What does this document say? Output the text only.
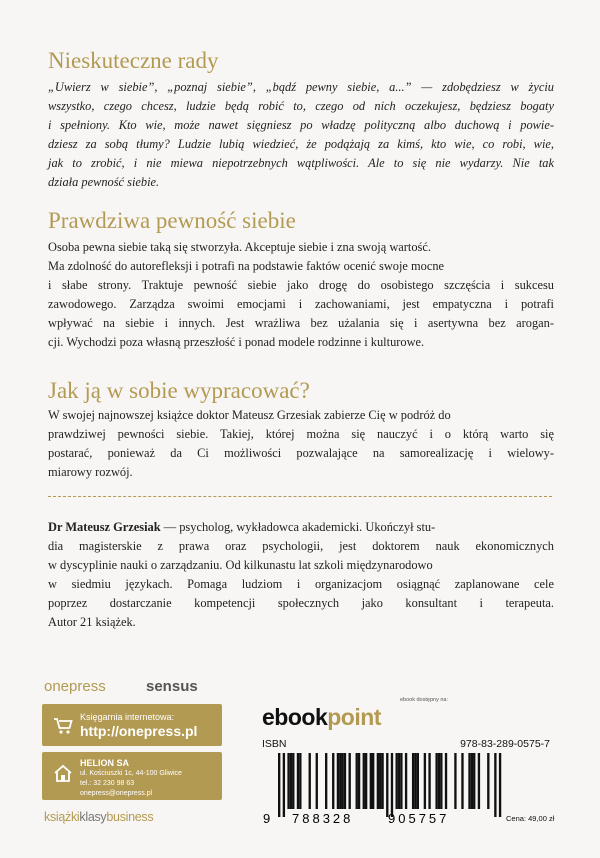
Nieskuteczne rady

„Uwierz w siebie”, „poznaj siebie”, „bądź pewny siebie, a...” — zdobędziesz w życiu
wszystko, czego chcesz, ludzie będą robić to, czego od nich oczekujesz, będziesz bogaty
i spełniony. Kto wie, może nawet sięgniesz po władzę polityczną albo duchową i powie-
dziesz za sobą tłumy? Ludzie lubią wiedzieć, że podążają za kimś, kto wie, co robi, wie,
jak to zrobić, i nie miewa niepotrzebnych wątpliwości. Ale to się nie wydarzy. Nie tak
działa pewność siebie.

Prawdziwa pewność siebie

Osoba pewna siebie taką się stworzyła. Akceptuje siebie i zna swoją wartość.
Ma zdolność do autorefleksji i potrafi na podstawie faktów ocenić swoje mocne
i słabe strony. Traktuje pewność siebie jako drogę do osobistego szczęścia i sukcesu
zawodowego. Zarządza swoimi emocjami i zachowaniami, jest empatyczna i potrafi
wpływać na siebie i innych. Jest wrażliwa bez użalania się i asertywna bez arogan-
cji. Wychodzi poza własną przeszłość i ponad modele rodzinne i kulturowe.

Jak ją w sobie wypracować?

W swojej najnowszej książce doktor Mateusz Grzesiak zabierze Cię w podróż do
prawdziwej pewności siebie. Takiej, której można się nauczyć i o którą warto się
postarać, ponieważ da Ci możliwości pozwalające na samorealizację i wielowy-
miarowy rozwój.

Dr Mateusz Grzesiak — psycholog, wykładowca akademicki. Ukończył stu-
dia magisterskie z prawa oraz psychologii, jest doktorem nauk ekonomicznych
w dyscyplinie nauki o zarządzaniu. Od kilkunastu lat szkoli międzynarodowo
w siedmiu językach. Pomaga ludziom i organizacjom osiągnąć zaplanowane cele
poprzez dostarczanie kompetencji społecznych jako konsultant i terapeuta.
Autor 21 książek.

onepress	sensus
Księgarnia internetowa:
http://onepress.pl
HELION SA
ul. Kościuszki 1c, 44-100 Gliwice
tel.: 32 230 98 63
onepress@onepress.pl
książkiklasybusiness
ebook dostępny na:
ebookpoint
ISBN 978-83-289-0575-7
9 788328	905757	Cena: 49,00 zł
